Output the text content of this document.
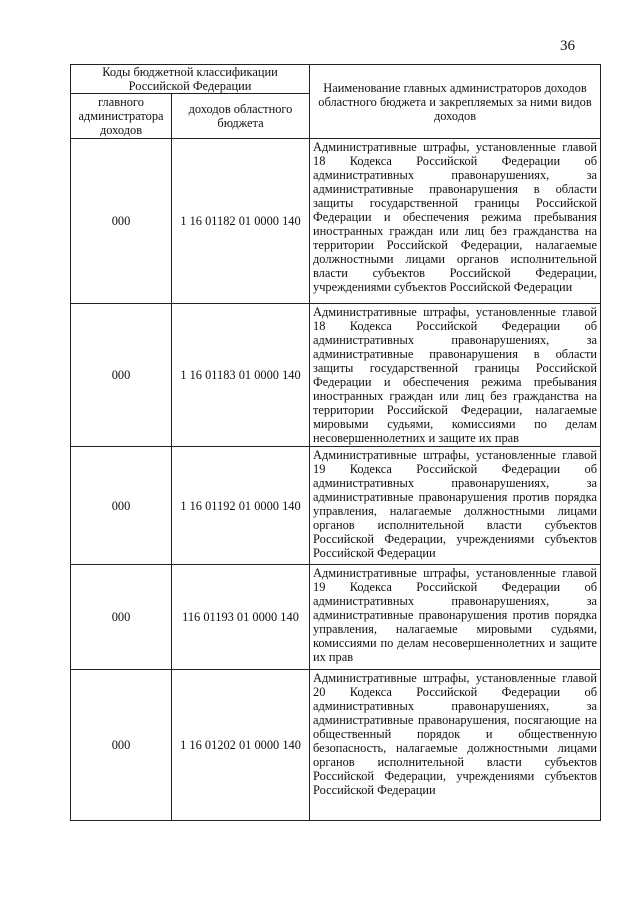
36
Коды бюджетной классификации Российской Федерации		Наименование главных администраторов доходов областного бюджета и закрепляемых за ними видов доходов
главного администратора доходов	доходов областного бюджета	
000	1 16 01182 01 0000 140	Административные штрафы, установленные главой 18 Кодекса Российской Федерации об административных правонарушениях, за административные правонарушения в области защиты государственной границы Российской Федерации и обеспечения режима пребывания иностранных граждан или лиц без гражданства на территории Российской Федерации, налагаемые должностными лицами органов исполнительной власти субъектов Российской Федерации, учреждениями субъектов Российской Федерации
000	1 16 01183 01 0000 140	Административные штрафы, установленные главой 18 Кодекса Российской Федерации об административных правонарушениях, за административные правонарушения в области защиты государственной границы Российской Федерации и обеспечения режима пребывания иностранных граждан или лиц без гражданства на территории Российской Федерации, налагаемые мировыми судьями, комиссиями по делам несовершеннолетних и защите их прав
000	1 16 01192 01 0000 140	Административные штрафы, установленные главой 19 Кодекса Российской Федерации об административных правонарушениях, за административные правонарушения против порядка управления, налагаемые должностными лицами органов исполнительной власти субъектов Российской Федерации, учреждениями субъектов Российской Федерации
000	116 01193 01 0000 140	Административные штрафы, установленные главой 19 Кодекса Российской Федерации об административных правонарушениях, за административные правонарушения против порядка управления, налагаемые мировыми судьями, комиссиями по делам несовершеннолетних и защите их прав
000	1 16 01202 01 0000 140	Административные штрафы, установленные главой 20 Кодекса Российской Федерации об административных правонарушениях, за административные правонарушения, посягающие на общественный порядок и общественную безопасность, налагаемые должностными лицами органов исполнительной власти субъектов Российской Федерации, учреждениями субъектов Российской Федерации
